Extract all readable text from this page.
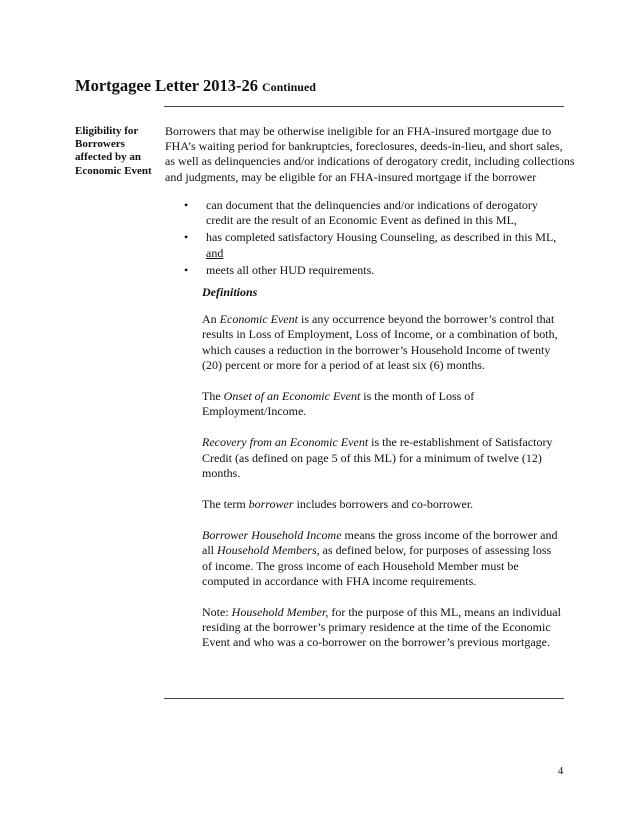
Mortgagee Letter 2013-26 Continued
Eligibility for Borrowers affected by an Economic Event
Borrowers that may be otherwise ineligible for an FHA-insured mortgage due to FHA’s waiting period for bankruptcies, foreclosures, deeds-in-lieu, and short sales, as well as delinquencies and/or indications of derogatory credit, including collections and judgments, may be eligible for an FHA-insured mortgage if the borrower
• can document that the delinquencies and/or indications of derogatory credit are the result of an Economic Event as defined in this ML,
• has completed satisfactory Housing Counseling, as described in this ML, and
• meets all other HUD requirements.

Definitions

An Economic Event is any occurrence beyond the borrower’s control that results in Loss of Employment, Loss of Income, or a combination of both, which causes a reduction in the borrower’s Household Income of twenty (20) percent or more for a period of at least six (6) months.

The Onset of an Economic Event is the month of Loss of Employment/Income.

Recovery from an Economic Event is the re-establishment of Satisfactory Credit (as defined on page 5 of this ML) for a minimum of twelve (12) months.

The term borrower includes borrowers and co-borrower.

Borrower Household Income means the gross income of the borrower and all Household Members, as defined below, for purposes of assessing loss of income. The gross income of each Household Member must be computed in accordance with FHA income requirements.

Note: Household Member, for the purpose of this ML, means an individual residing at the borrower’s primary residence at the time of the Economic Event and who was a co-borrower on the borrower’s previous mortgage.

4
